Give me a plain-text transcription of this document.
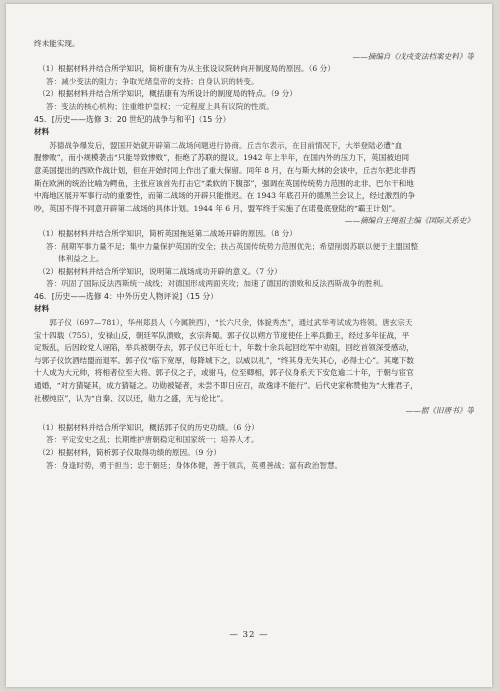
终未能实现。
——摘编自《戊戌变法档案史料》等
（1）根据材料并结合所学知识，简析康有为从主张设议院转向开制度局的原因。（6 分）
答：减少变法的阻力；争取光绪皇帝的支持；自身认识的转变。
（2）根据材料并结合所学知识，概括康有为所设计的制度局的特点。（9 分）
答：变法的核心机构；注重维护皇权；一定程度上具有议院的性质。
45．[历史——选修 3：20 世纪的战争与和平]（15 分）
材料
苏德战争爆发后，盟国开始就开辟第二战场问题进行协商。丘吉尔表示，在目前情况下，大举登陆必遭“血
腥惨败”，而小规模袭击“只能导致惨败”，拒绝了苏联的提议。1942 年上半年，在国内外的压力下，英国被迫同
意美国提出的西欧作战计划，但在开始时同上作出了重大保留。同年 8 月，在与斯大林的会谈中，丘吉尔把北非西
斯在欧洲的统治比喻为鳄鱼，主张应该首先打击它“柔软的下腹部”，强调在英国传统势力范围的北非、巴尔干和地
中海地区展开军事行动的重要性，而第二战场的开辟只能推迟。在 1943 年底召开的德黑兰会议上，经过激烈的争
吵，英国不得不同意开辟第二战场的具体计划。1944 年 6 月，盟军终于实施了在诺曼底登陆的“霸王计划”。
——摘编自王绳祖主编《国际关系史》
（1）根据材料并结合所学知识，简析英国拖延第二战场开辟的原因。（8 分）
答：削期军事力量不足；集中力量保护英国的安全；扶占英国传统势力范围优先；希望削弱苏联以便于主盟国整
体利益之上。
（2）根据材料并结合所学知识，说明第二战场成功开辟的意义。（7 分）
答：巩固了国际反法西斯统一战线；对德国形成两面夹攻；加速了德国的溃败和反法西斯战争的胜利。
46．[历史——选修 4：中外历史人物评说]（15 分）
材料
郭子仪（697—781），华州郑县人（今属陕西），“长六尺余，体貌秀杰”，通过武举考试成为将领。唐玄宗天
宝十四载（755），安禄山反，朝廷军队溃败，玄宗奔蜀。郭子仪以朔方节度使任上率兵勤王，经过多年征战，平
定叛乱，后因皎党人诬陷，举兵被朝夺去，郭子仪已年近七十，年数十余兵起回纥军中劝阻，回纥首领深受感动，
与郭子仪饮酒结盟而退军。郭子仪“临下宽厚，每降城下之，以威以礼”，“终其身无失其心，必得士心”。其麾下数
十人成为大元帅，将相者位至大将。郭子仪之子，或驸马，位至卿相，郭子仪身系天下安危逾二十年，于朝与宦官
通婚，“对方猜疑其，成方猜疑之。功勋被疑者，未尝不即日应召，故逸诽不能行”。后代史家称赞他为“大雅君子，
社稷纯臣”，认为“自秦、汉以还，勋力之盛，无与伦比”。
——据《旧唐书》等
（1）根据材料并结合所学知识，概括郭子仪的历史功绩。（6 分）
答：平定安史之乱；长期维护唐朝稳定和国家统一；培养人才。
（2）根据材料，简析郭子仪取得功绩的原因。（9 分）
答：身逢时势，勇于担当；忠于朝廷；身体体健，善于领兵，英勇善战；富有政治智慧。
— 32 —
